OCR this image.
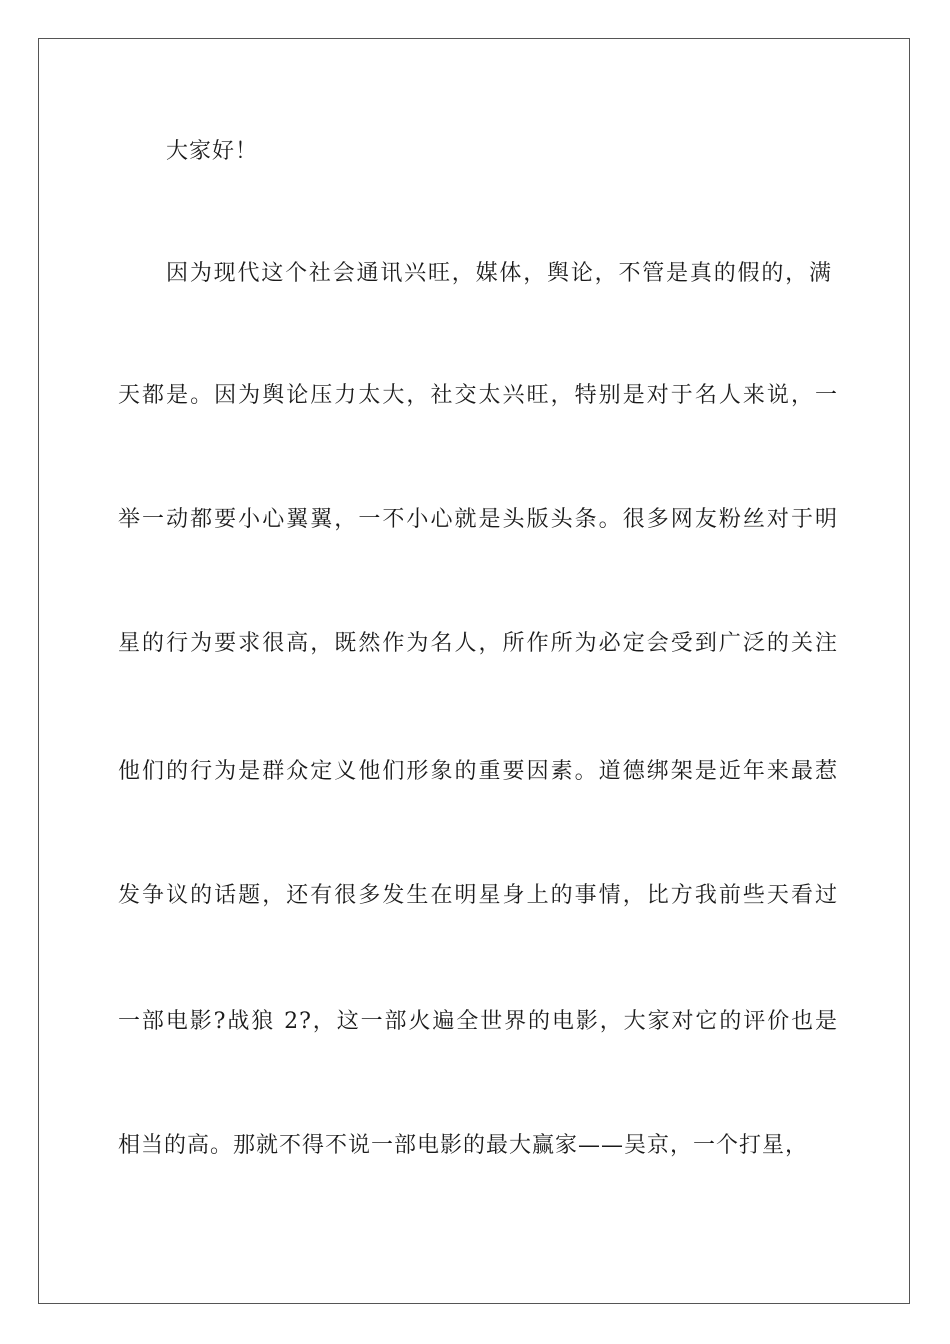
大家好！
因为现代这个社会通讯兴旺，媒体，舆论，不管是真的假的，满
天都是。因为舆论压力太大，社交太兴旺，特别是对于名人来说，一
举一动都要小心翼翼，一不小心就是头版头条。很多网友粉丝对于明
星的行为要求很高，既然作为名人，所作所为必定会受到广泛的关注
他们的行为是群众定义他们形象的重要因素。道德绑架是近年来最惹
发争议的话题，还有很多发生在明星身上的事情，比方我前些天看过
一部电影?战狼 2?，这一部火遍全世界的电影，大家对它的评价也是
相当的高。那就不得不说一部电影的最大赢家——吴京，一个打星，
